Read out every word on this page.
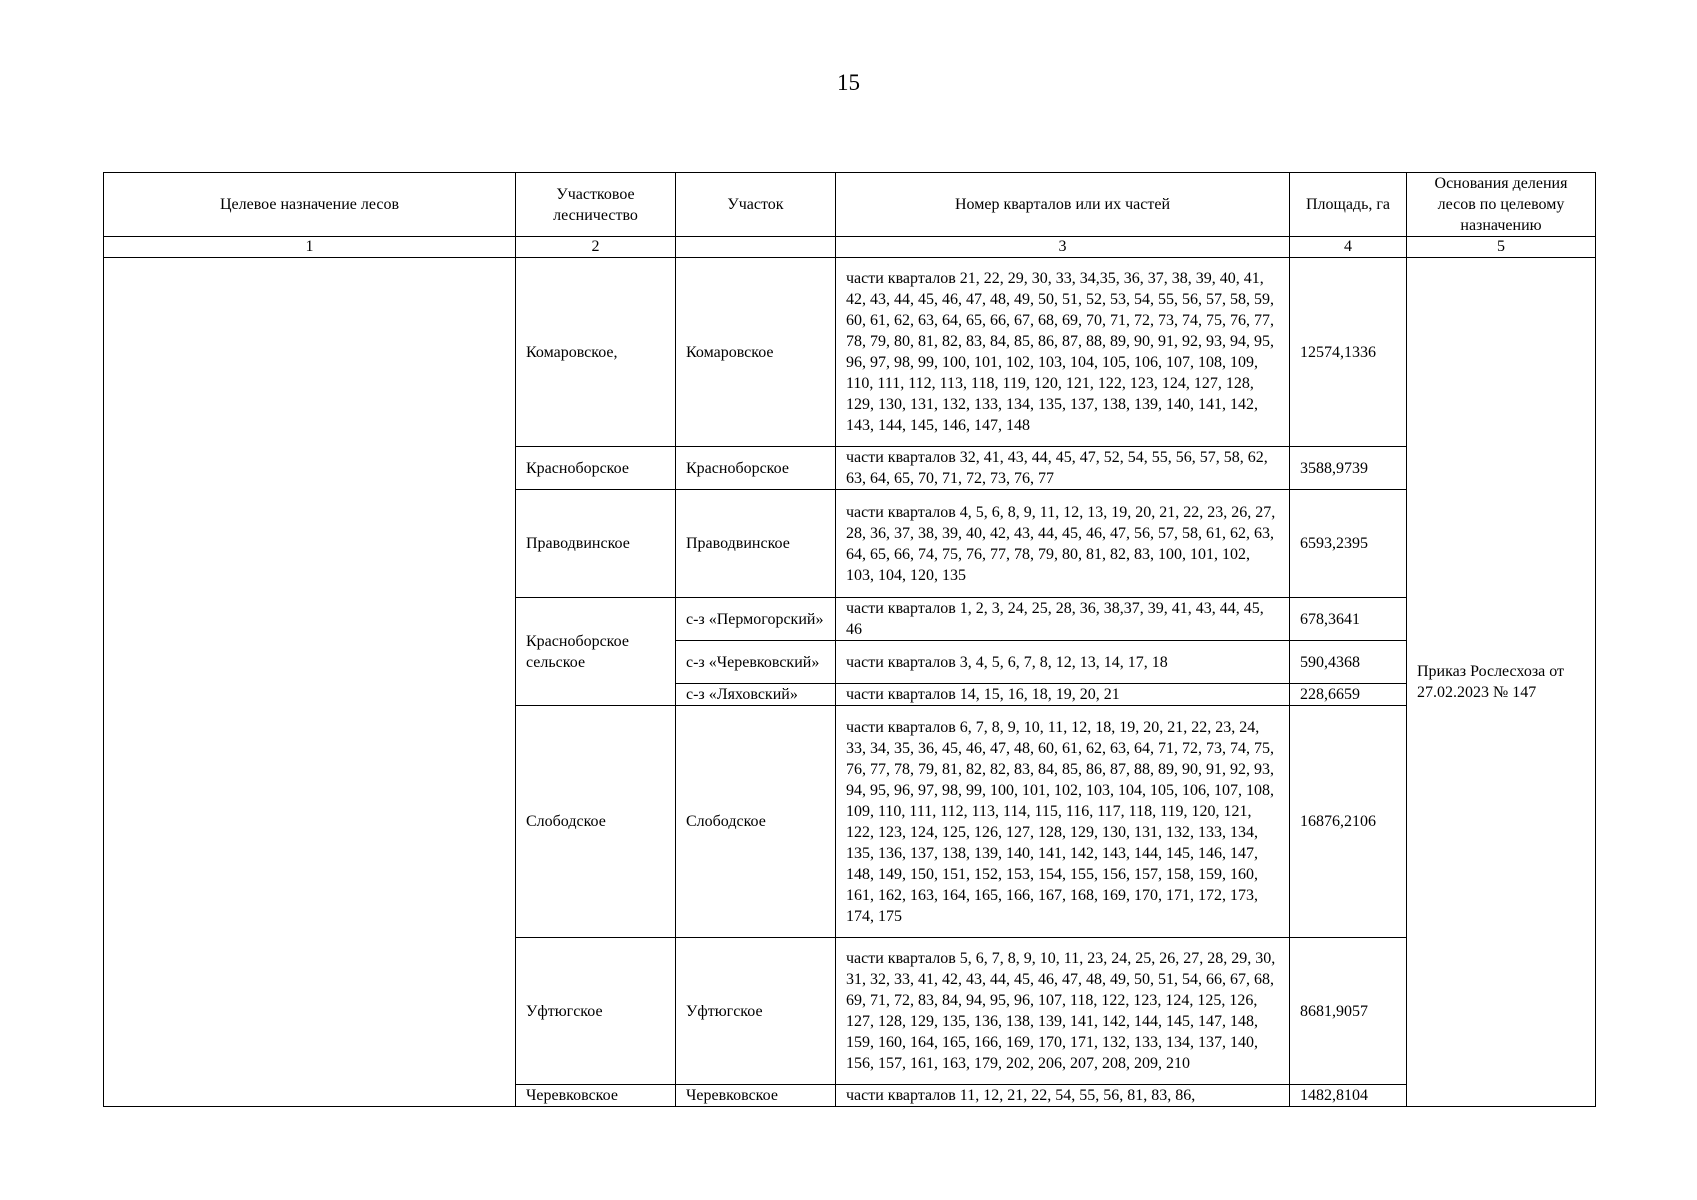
15
Целевое назначение лесов	Участковое лесничество	Участок	Номер кварталов или их частей	Площадь, га	Основания деления лесов по целевому назначению
1	2		3	4	5
	Комаровское,	Комаровское	части кварталов 21, 22, 29, 30, 33, 34,35, 36, 37, 38, 39, 40, 41, 42, 43, 44, 45, 46, 47, 48, 49, 50, 51, 52, 53, 54, 55, 56, 57, 58, 59, 60, 61, 62, 63, 64, 65, 66, 67, 68, 69, 70, 71, 72, 73, 74, 75, 76, 77, 78, 79, 80, 81, 82, 83, 84, 85, 86, 87, 88, 89, 90, 91, 92, 93, 94, 95, 96, 97, 98, 99, 100, 101, 102, 103, 104, 105, 106, 107, 108, 109, 110, 111, 112, 113, 118, 119, 120, 121, 122, 123, 124, 127, 128, 129, 130, 131, 132, 133, 134, 135, 137, 138, 139, 140, 141, 142, 143, 144, 145, 146, 147, 148	12574,1336	Приказ Рослесхоза от 27.02.2023 № 147
	Красноборское	Красноборское	части кварталов 32, 41, 43, 44, 45, 47, 52, 54, 55, 56, 57, 58, 62, 63, 64, 65, 70, 71, 72, 73, 76, 77	3588,9739	
	Праводвинское	Праводвинское	части кварталов 4, 5, 6, 8, 9, 11, 12, 13, 19, 20, 21, 22, 23, 26, 27, 28, 36, 37, 38, 39, 40, 42, 43, 44, 45, 46, 47, 56, 57, 58, 61, 62, 63, 64, 65, 66, 74, 75, 76, 77, 78, 79, 80, 81, 82, 83, 100, 101, 102, 103, 104, 120, 135	6593,2395	
	Красноборское сельское	с-з «Пермогорский»	части кварталов 1, 2, 3, 24, 25, 28, 36, 38,37, 39, 41, 43, 44, 45, 46	678,3641	
		с-з «Черевковский»	части кварталов 3, 4, 5, 6, 7, 8, 12, 13, 14, 17, 18	590,4368	
		с-з «Ляховский»	части кварталов 14, 15, 16, 18, 19, 20, 21	228,6659	
	Слободское	Слободское	части кварталов 6, 7, 8, 9, 10, 11, 12, 18, 19, 20, 21, 22, 23, 24, 33, 34, 35, 36, 45, 46, 47, 48, 60, 61, 62, 63, 64, 71, 72, 73, 74, 75, 76, 77, 78, 79, 81, 82, 82, 83, 84, 85, 86, 87, 88, 89, 90, 91, 92, 93, 94, 95, 96, 97, 98, 99, 100, 101, 102, 103, 104, 105, 106, 107, 108, 109, 110, 111, 112, 113, 114, 115, 116, 117, 118, 119, 120, 121, 122, 123, 124, 125, 126, 127, 128, 129, 130, 131, 132, 133, 134, 135, 136, 137, 138, 139, 140, 141, 142, 143, 144, 145, 146, 147, 148, 149, 150, 151, 152, 153, 154, 155, 156, 157, 158, 159, 160, 161, 162, 163, 164, 165, 166, 167, 168, 169, 170, 171, 172, 173, 174, 175	16876,2106	
	Уфтюгское	Уфтюгское	части кварталов 5, 6, 7, 8, 9, 10, 11, 23, 24, 25, 26, 27, 28, 29, 30, 31, 32, 33, 41, 42, 43, 44, 45, 46, 47, 48, 49, 50, 51, 54, 66, 67, 68, 69, 71, 72, 83, 84, 94, 95, 96, 107, 118, 122, 123, 124, 125, 126, 127, 128, 129, 135, 136, 138, 139, 141, 142, 144, 145, 147, 148, 159, 160, 164, 165, 166, 169, 170, 171, 132, 133, 134, 137, 140, 156, 157, 161, 163, 179, 202, 206, 207, 208, 209, 210	8681,9057	
	Черевковское	Черевковское	части кварталов 11, 12, 21, 22, 54, 55, 56, 81, 83, 86,	1482,8104	
